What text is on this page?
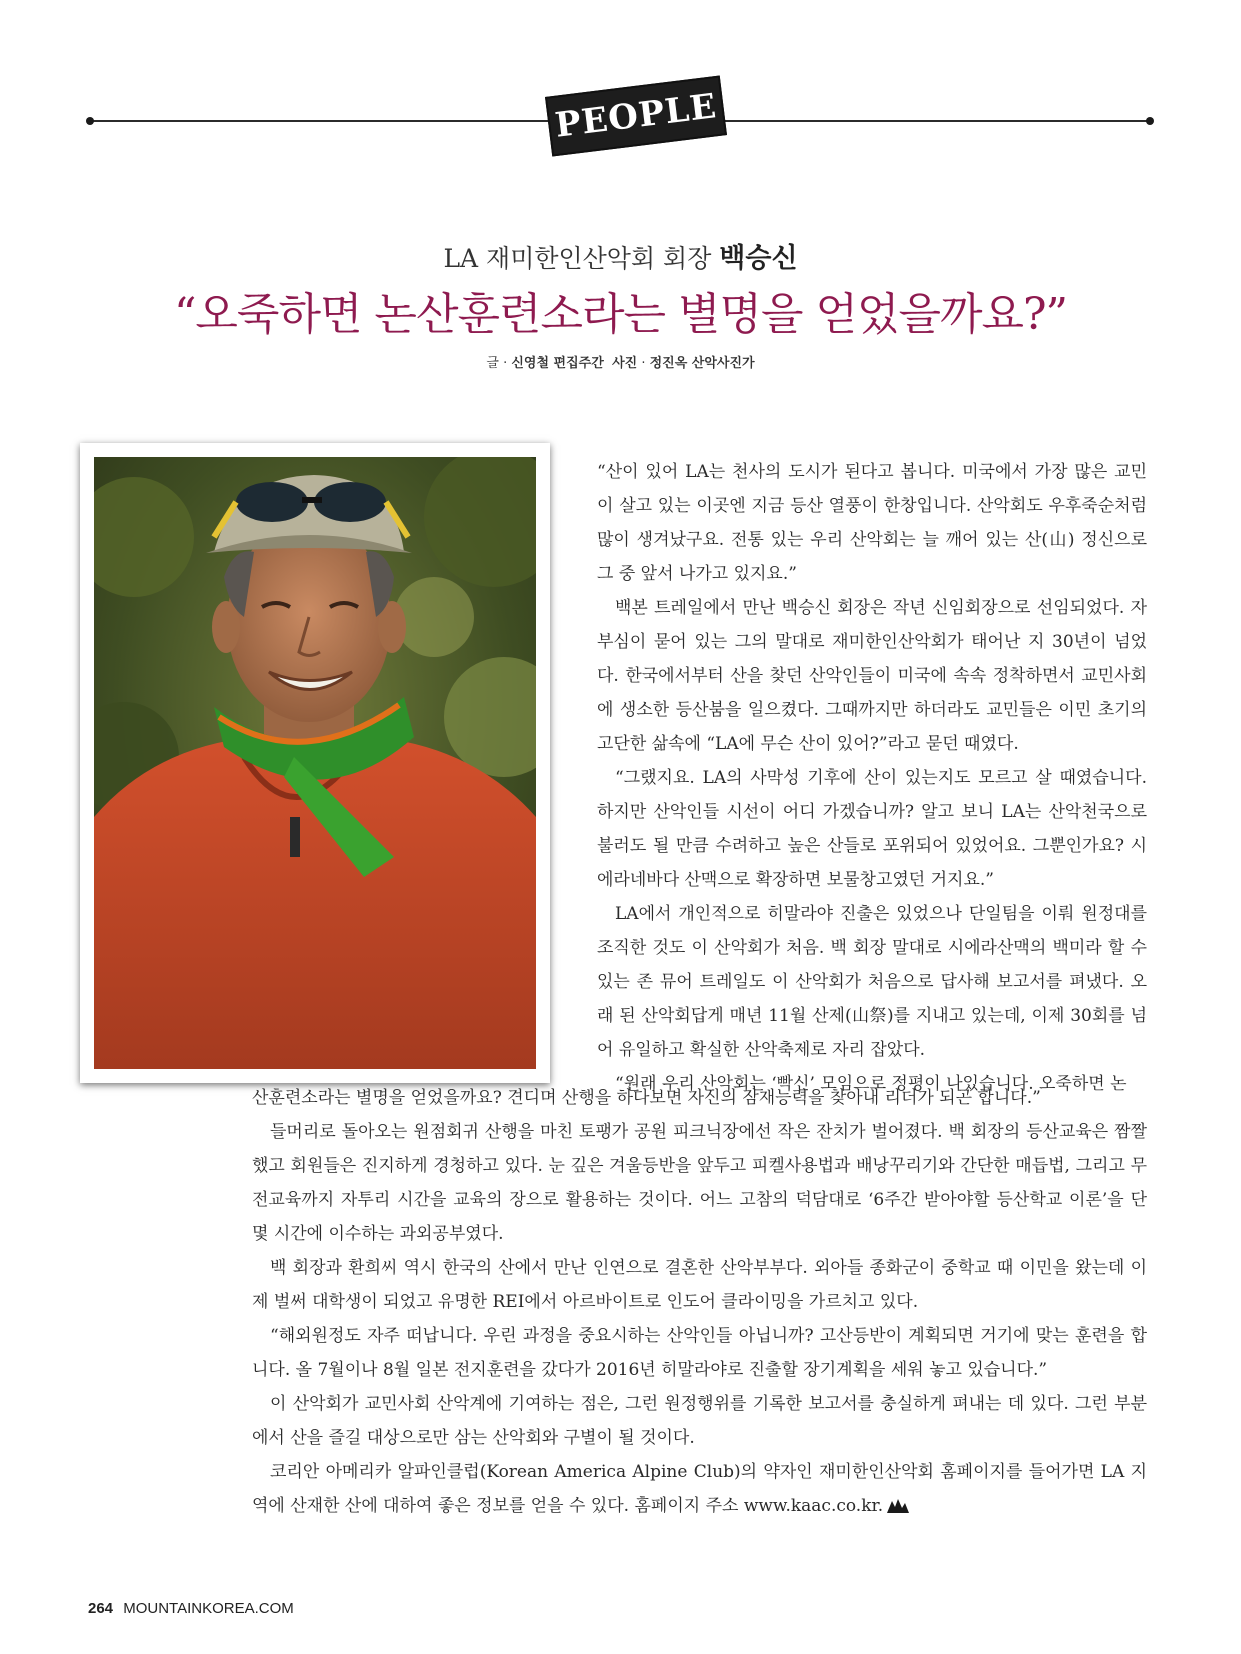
PEOPLE
LA 재미한인산악회 회장 백승신
“오죽하면 논산훈련소라는 별명을 얻었을까요?”
글 · 신영철 편집주간 사진 · 정진옥 산악사진가

“산이 있어 LA는 천사의 도시가 된다고 봅니다. 미국에서 가장 많은 교민이 살고 있는 이곳엔 지금 등산 열풍이 한창입니다. 산악회도 우후죽순처럼 많이 생겨났구요. 전통 있는 우리 산악회는 늘 깨어 있는 산(山) 정신으로 그 중 앞서 나가고 있지요.”

백본 트레일에서 만난 백승신 회장은 작년 신임회장으로 선임되었다. 자부심이 묻어 있는 그의 말대로 재미한인산악회가 태어난 지 30년이 넘었다. 한국에서부터 산을 찾던 산악인들이 미국에 속속 정착하면서 교민사회에 생소한 등산붐을 일으켰다. 그때까지만 하더라도 교민들은 이민 초기의 고단한 삶속에 “LA에 무슨 산이 있어?”라고 묻던 때였다.

“그랬지요. LA의 사막성 기후에 산이 있는지도 모르고 살 때였습니다. 하지만 산악인들 시선이 어디 가겠습니까? 알고 보니 LA는 산악천국으로 불러도 될 만큼 수려하고 높은 산들로 포위되어 있었어요. 그뿐인가요? 시에라네바다 산맥으로 확장하면 보물창고였던 거지요.”

LA에서 개인적으로 히말라야 진출은 있었으나 단일팀을 이뤄 원정대를 조직한 것도 이 산악회가 처음. 백 회장 말대로 시에라산맥의 백미라 할 수 있는 존 뮤어 트레일도 이 산악회가 처음으로 답사해 보고서를 펴냈다. 오래 된 산악회답게 매년 11월 산제(山祭)를 지내고 있는데, 이제 30회를 넘어 유일하고 확실한 산악축제로 자리 잡았다.

“원래 우리 산악회는 ‘빡신’ 모임으로 정평이 나있습니다. 오죽하면 논

산훈련소라는 별명을 얻었을까요? 견디며 산행을 하다보면 자신의 잠재능력을 찾아내 리더가 되곤 합니다.”

들머리로 돌아오는 원점회귀 산행을 마친 토팽가 공원 피크닉장에선 작은 잔치가 벌어졌다. 백 회장의 등산교육은 짬짤했고 회원들은 진지하게 경청하고 있다. 눈 깊은 겨울등반을 앞두고 피켈사용법과 배낭꾸리기와 간단한 매듭법, 그리고 무전교육까지 자투리 시간을 교육의 장으로 활용하는 것이다. 어느 고참의 덕담대로 ‘6주간 받아야할 등산학교 이론’을 단 몇 시간에 이수하는 과외공부였다.

백 회장과 환희씨 역시 한국의 산에서 만난 인연으로 결혼한 산악부부다. 외아들 종화군이 중학교 때 이민을 왔는데 이제 벌써 대학생이 되었고 유명한 REI에서 아르바이트로 인도어 클라이밍을 가르치고 있다.

“해외원정도 자주 떠납니다. 우린 과정을 중요시하는 산악인들 아닙니까? 고산등반이 계획되면 거기에 맞는 훈련을 합니다. 올 7월이나 8월 일본 전지훈련을 갔다가 2016년 히말라야로 진출할 장기계획을 세워 놓고 있습니다.”

이 산악회가 교민사회 산악계에 기여하는 점은, 그런 원정행위를 기록한 보고서를 충실하게 펴내는 데 있다. 그런 부분에서 산을 즐길 대상으로만 삼는 산악회와 구별이 될 것이다.

코리안 아메리카 알파인클럽(Korean America Alpine Club)의 약자인 재미한인산악회 홈페이지를 들어가면 LA 지역에 산재한 산에 대하여 좋은 정보를 얻을 수 있다. 홈페이지 주소 www.kaac.co.kr.

264 MOUNTAINKOREA.COM
